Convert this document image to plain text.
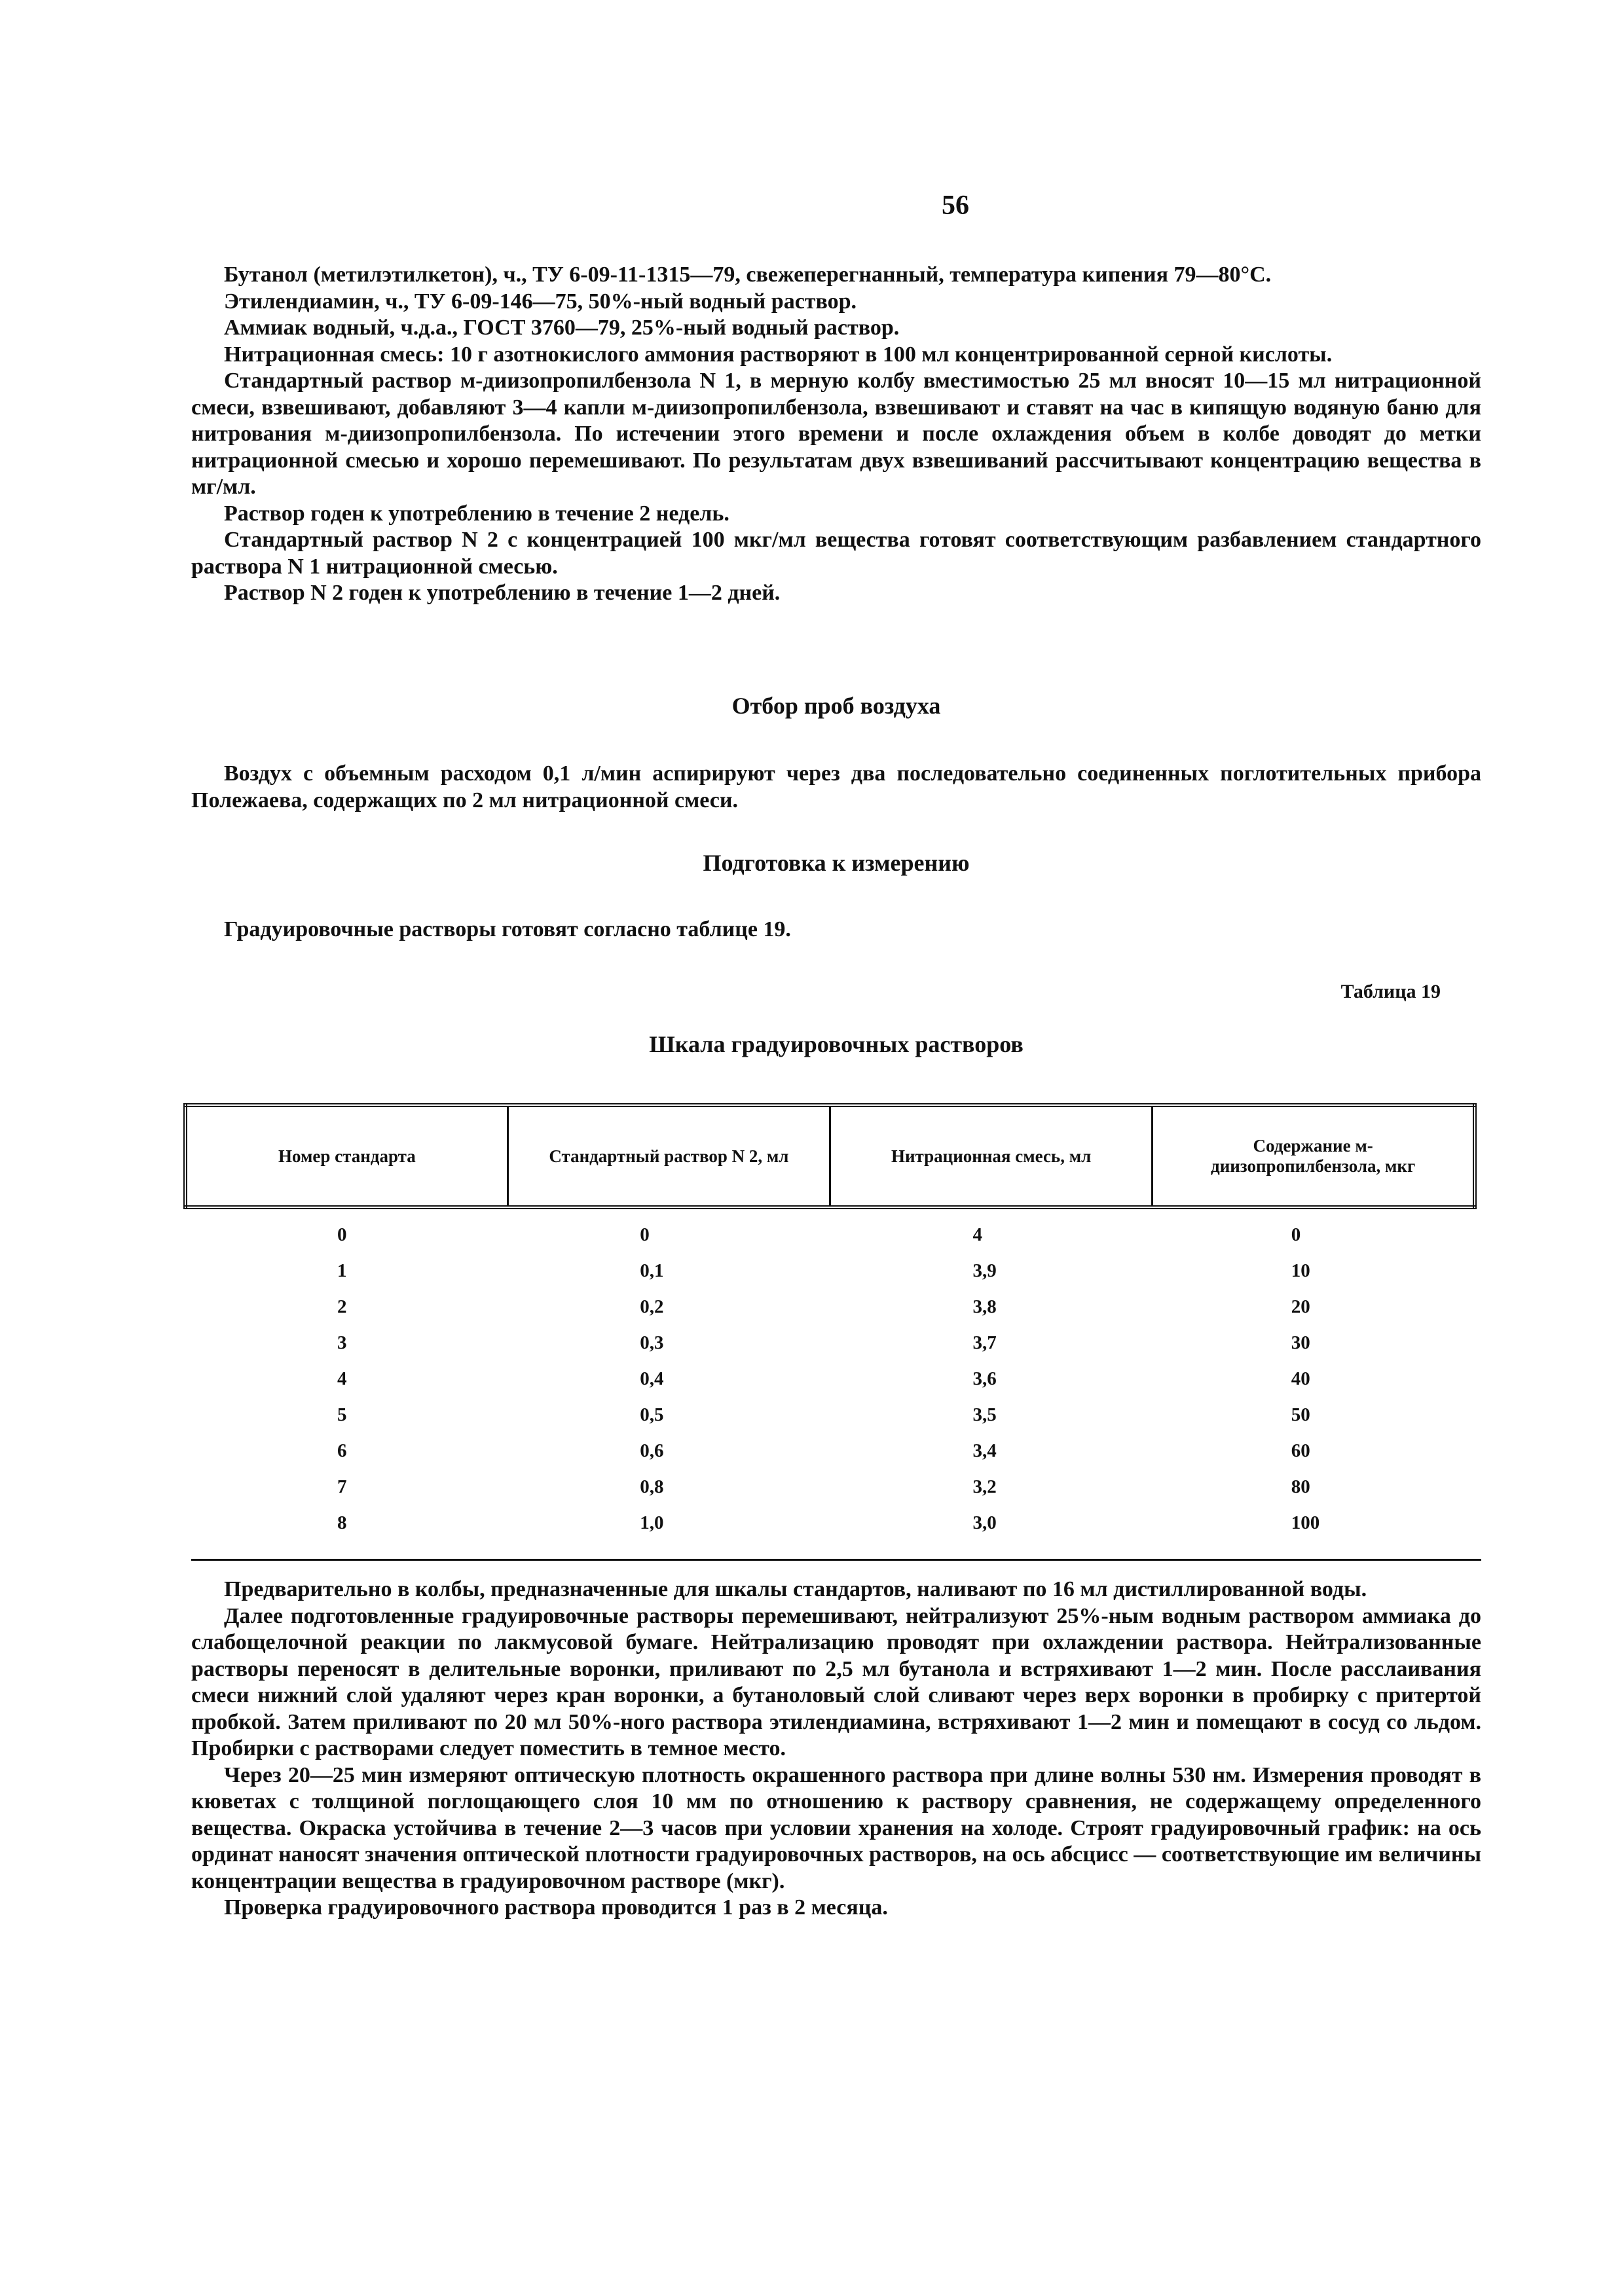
56

Бутанол (метилэтилкетон), ч., ТУ 6-09-11-1315—79, свежеперегнанный, температура кипения 79—80°С.

Этилендиамин, ч., ТУ 6-09-146—75, 50%-ный водный раствор.

Аммиак водный, ч.д.а., ГОСТ 3760—79, 25%-ный водный раствор.

Нитрационная смесь: 10 г азотнокислого аммония растворяют в 100 мл концентрированной серной кислоты.

Стандартный раствор м-диизопропилбензола N 1, в мерную колбу вместимостью 25 мл вносят 10—15 мл нитрационной смеси, взвешивают, добавляют 3—4 капли м-диизопропилбензола, взвешивают и ставят на час в кипящую водяную баню для нитрования м-диизопропилбензола. По истечении этого времени и после охлаждения объем в колбе доводят до метки нитрационной смесью и хорошо перемешивают. По результатам двух взвешиваний рассчитывают концентрацию вещества в мг/мл.

Раствор годен к употреблению в течение 2 недель.

Стандартный раствор N 2 с концентрацией 100 мкг/мл вещества готовят соответствующим разбавлением стандартного раствора N 1 нитрационной смесью.

Раствор N 2 годен к употреблению в течение 1—2 дней.

Отбор проб воздуха

Воздух с объемным расходом 0,1 л/мин аспирируют через два последовательно соединенных поглотительных прибора Полежаева, содержащих по 2 мл нитрационной смеси.

Подготовка к измерению

Градуировочные растворы готовят согласно таблице 19.

Таблица 19
Шкала градуировочных растворов
Номер стандарта	Стандартный раствор N 2, мл	Нитрационная смесь, мл	Содержание м-диизопропилбензола, мкг
0	0	4	0
1	0,1	3,9	10
2	0,2	3,8	20
3	0,3	3,7	30
4	0,4	3,6	40
5	0,5	3,5	50
6	0,6	3,4	60
7	0,8	3,2	80
8	1,0	3,0	100

Предварительно в колбы, предназначенные для шкалы стандартов, наливают по 16 мл дистиллированной воды.

Далее подготовленные градуировочные растворы перемешивают, нейтрализуют 25%-ным водным раствором аммиака до слабощелочной реакции по лакмусовой бумаге. Нейтрализацию проводят при охлаждении раствора. Нейтрализованные растворы переносят в делительные воронки, приливают по 2,5 мл бутанола и встряхивают 1—2 мин. После расслаивания смеси нижний слой удаляют через кран воронки, а бутаноловый слой сливают через верх воронки в пробирку с притертой пробкой. Затем приливают по 20 мл 50%-ного раствора этилендиамина, встряхивают 1—2 мин и помещают в сосуд со льдом. Пробирки с растворами следует поместить в темное место.

Через 20—25 мин измеряют оптическую плотность окрашенного раствора при длине волны 530 нм. Измерения проводят в кюветах с толщиной поглощающего слоя 10 мм по отношению к раствору сравнения, не содержащему определенного вещества. Окраска устойчива в течение 2—3 часов при условии хранения на холоде. Строят градуировочный график: на ось ординат наносят значения оптической плотности градуировочных растворов, на ось абсцисс — соответствующие им величины концентрации вещества в градуировочном растворе (мкг).

Проверка градуировочного раствора проводится 1 раз в 2 месяца.
